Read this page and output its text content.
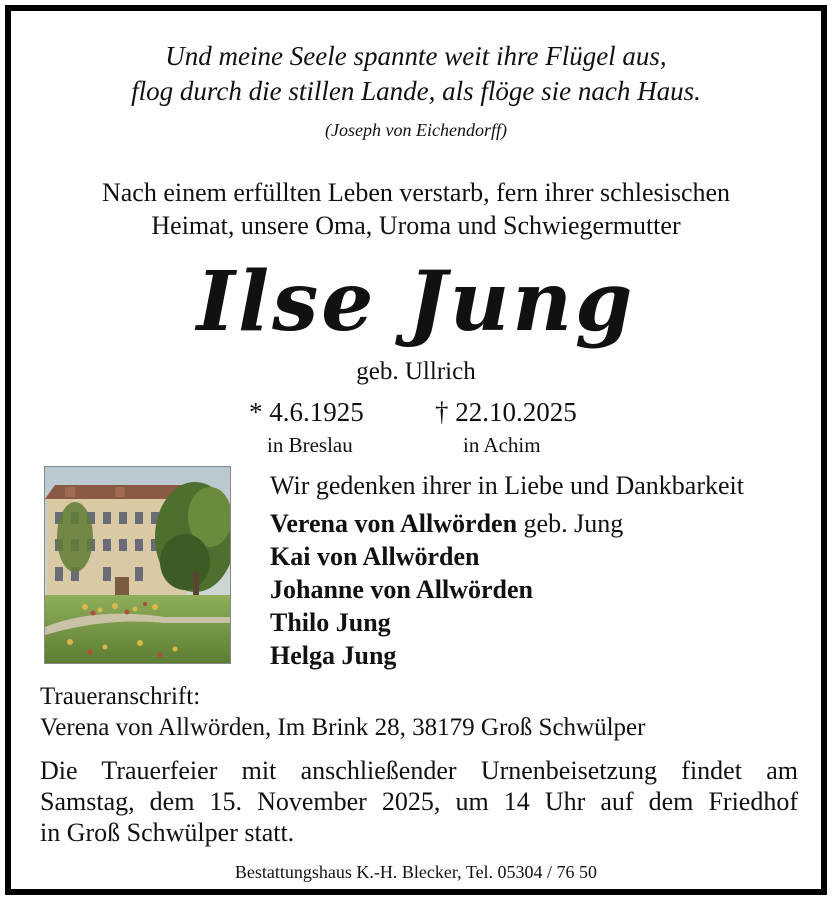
Und meine Seele spannte weit ihre Flügel aus,
flog durch die stillen Lande, als flöge sie nach Haus.
(Joseph von Eichendorff)
Nach einem erfüllten Leben verstarb, fern ihrer schlesischen
Heimat, unsere Oma, Uroma und Schwiegermutter
Ilse Jung
geb. Ullrich
* 4.6.1925
in Breslau
† 22.10.2025
in Achim
Wir gedenken ihrer in Liebe und Dankbarkeit
Verena von Allwörden geb. Jung
Kai von Allwörden
Johanne von Allwörden
Thilo Jung
Helga Jung
Traueranschrift:
Verena von Allwörden, Im Brink 28, 38179 Groß Schwülper
Die Trauerfeier mit anschließender Urnenbeisetzung findet am
Samstag, dem 15. November 2025, um 14 Uhr auf dem Friedhof
in Groß Schwülper statt.
Bestattungshaus K.-H. Blecker, Tel. 05304 / 76 50
